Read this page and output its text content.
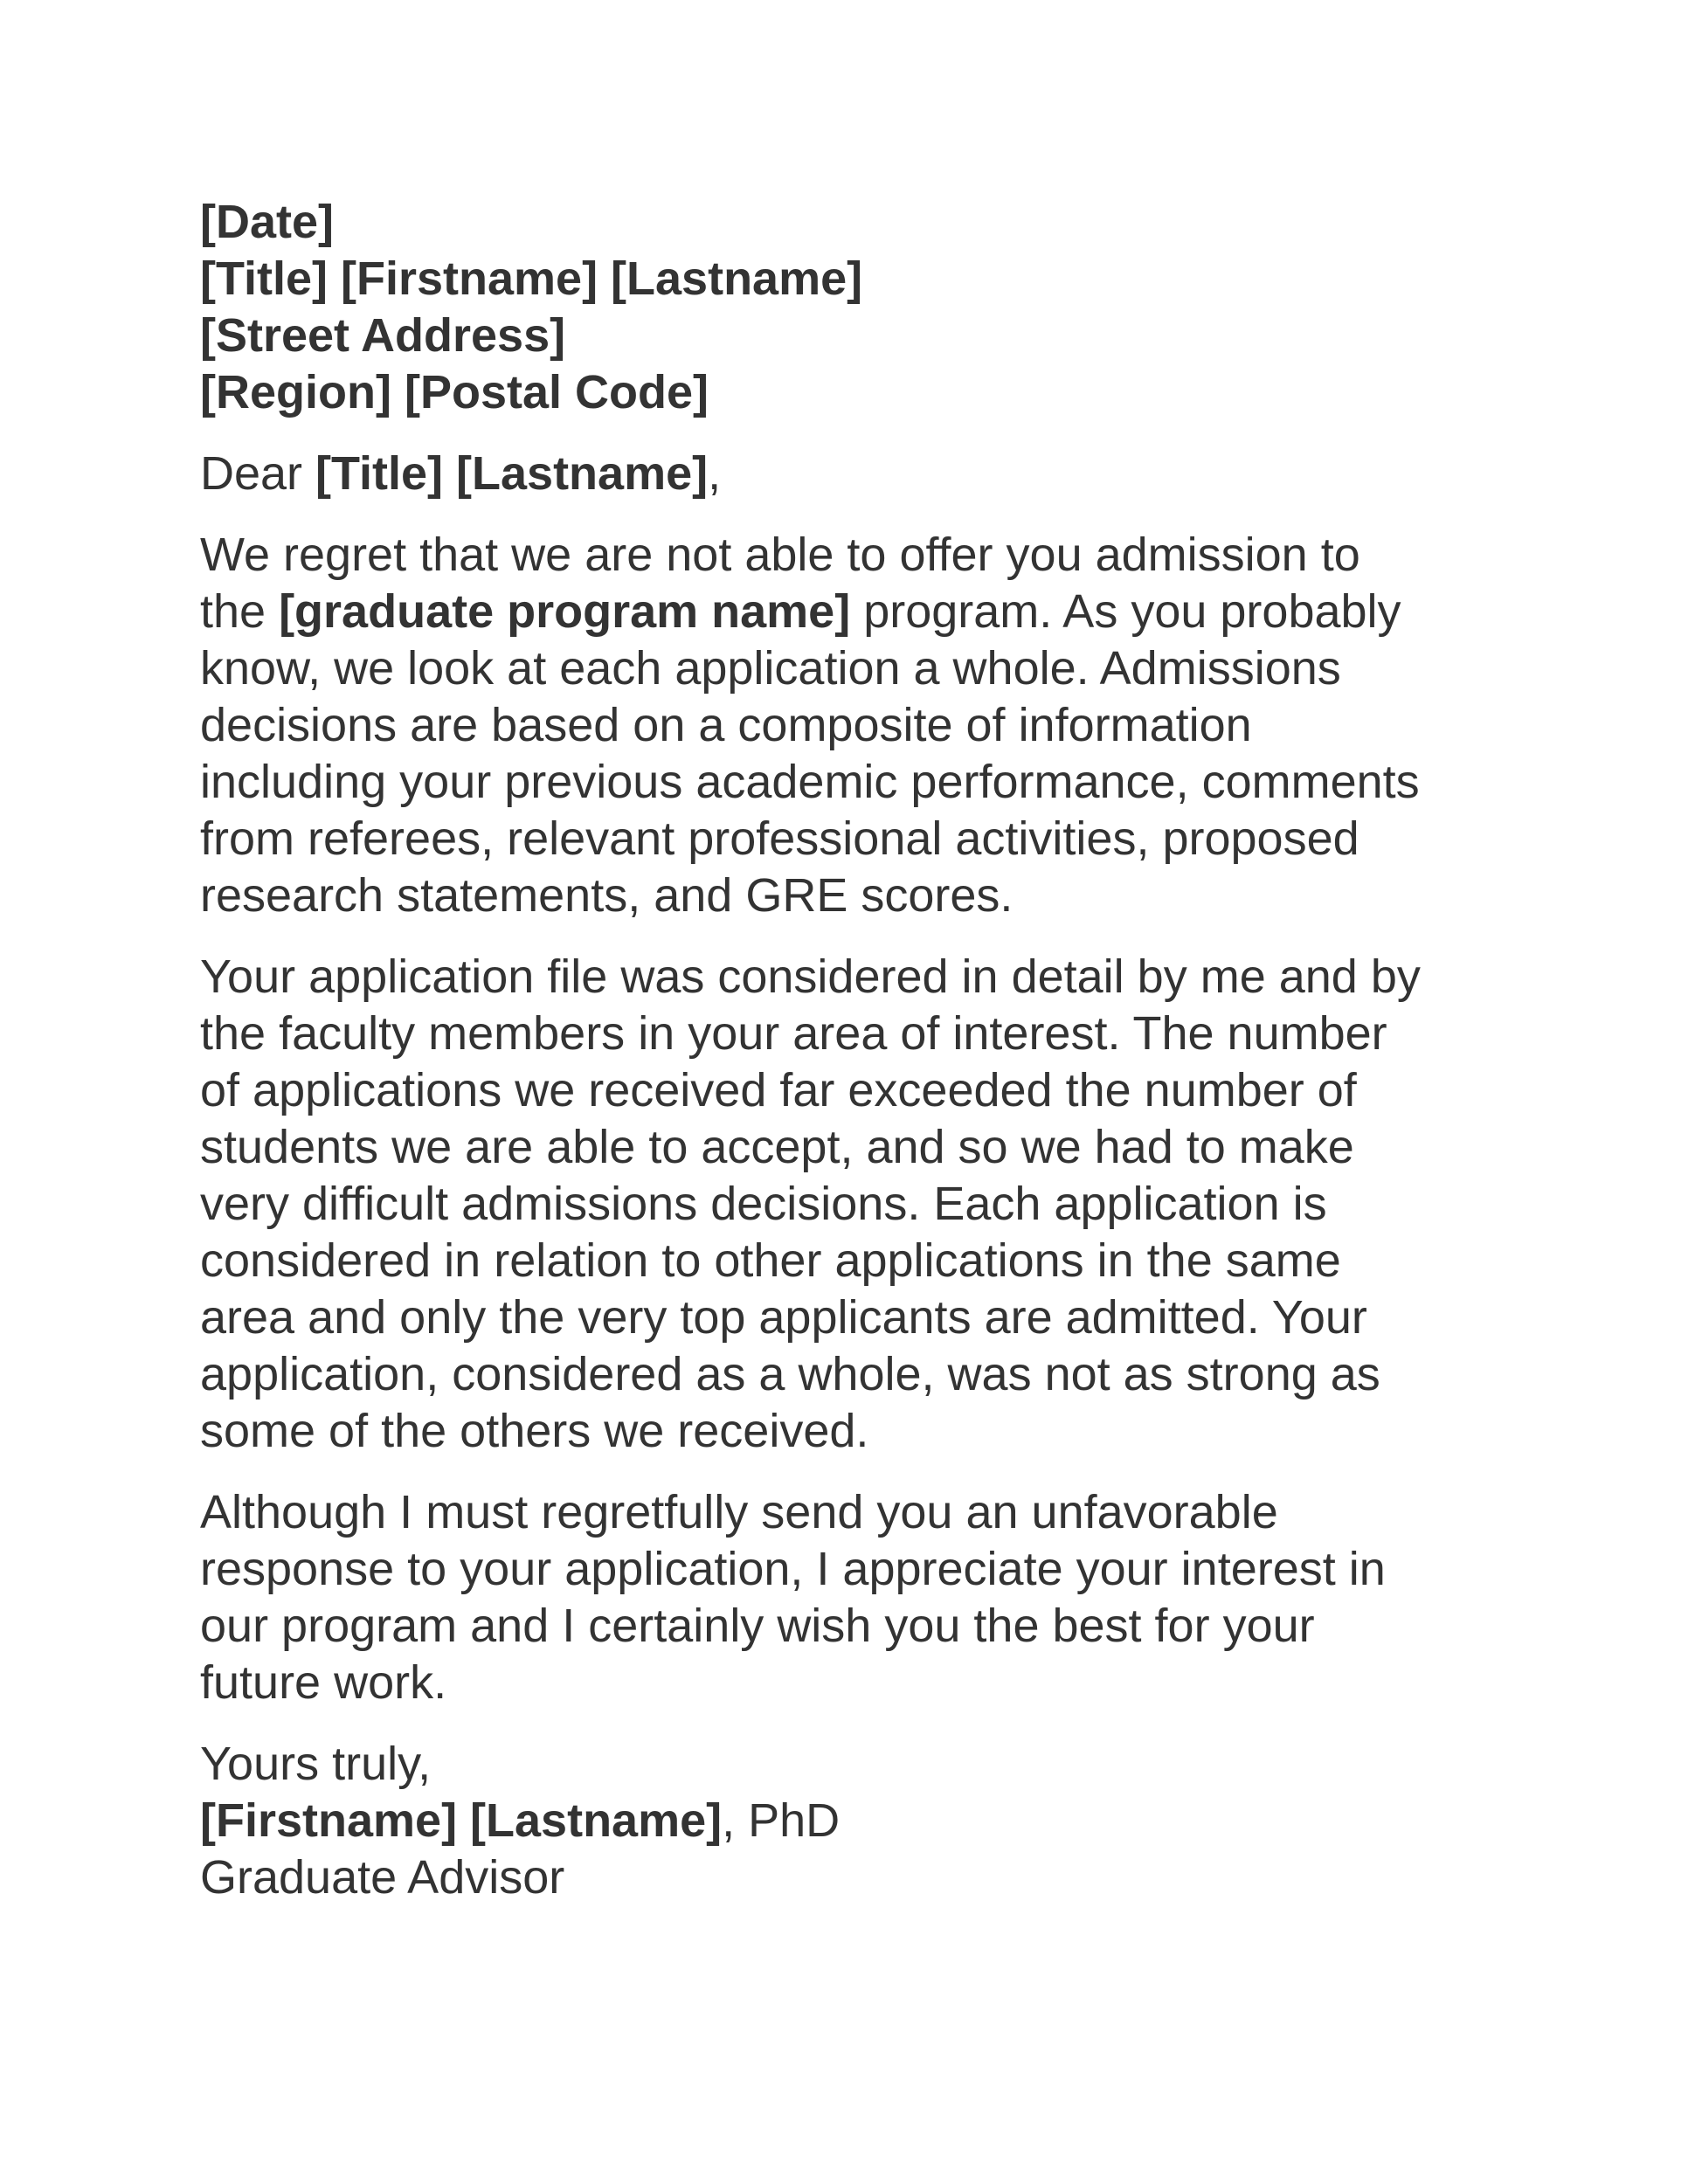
[Date]
[Title] [Firstname] [Lastname]
[Street Address]
[Region] [Postal Code]
Dear [Title] [Lastname],
We regret that we are not able to offer you admission to
the [graduate program name] program. As you probably
know, we look at each application a whole. Admissions
decisions are based on a composite of information
including your previous academic performance, comments
from referees, relevant professional activities, proposed
research statements, and GRE scores.
Your application file was considered in detail by me and by
the faculty members in your area of interest. The number
of applications we received far exceeded the number of
students we are able to accept, and so we had to make
very difficult admissions decisions. Each application is
considered in relation to other applications in the same
area and only the very top applicants are admitted. Your
application, considered as a whole, was not as strong as
some of the others we received.
Although I must regretfully send you an unfavorable
response to your application, I appreciate your interest in
our program and I certainly wish you the best for your
future work.
Yours truly,
[Firstname] [Lastname], PhD
Graduate Advisor
